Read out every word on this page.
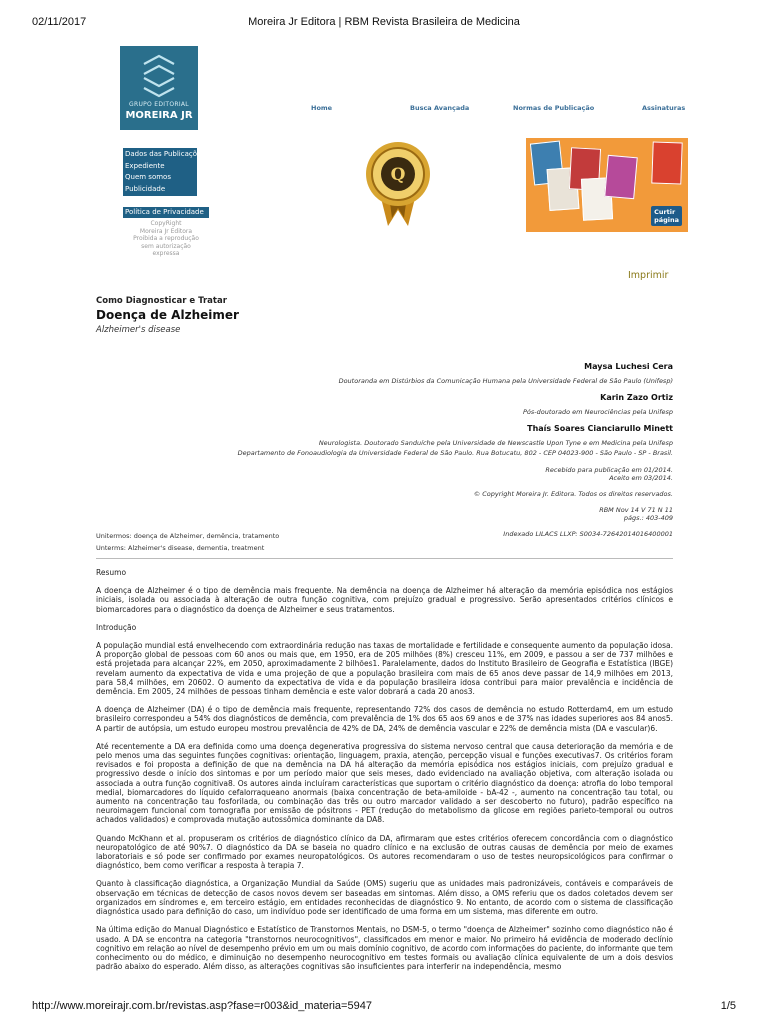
02/11/2017	Moreira Jr Editora | RBM Revista Brasileira de Medicina
GRUPO EDITORIAL
MOREIRA JR
Home	Busca Avançada	Normas de Publicação	Assinaturas
Dados das Publicações
Expediente
Quem somos
Publicidade
Política de Privacidade
CopyRight
Moreira Jr Editora
Proibida a reprodução
sem autorização
expressa
Q
Curtir
página
Imprimir
Como Diagnosticar e Tratar
Doença de Alzheimer
Alzheimer's disease
Maysa Luchesi Cera
Doutoranda em Distúrbios da Comunicação Humana pela Universidade Federal de São Paulo (Unifesp)
Karin Zazo Ortiz
Pós-doutorado em Neurociências pela Unifesp
Thaís Soares Cianciarullo Minett
Neurologista. Doutorado Sanduíche pela Universidade de Newscastle Upon Tyne e em Medicina pela Unifesp
Departamento de Fonoaudiologia da Universidade Federal de São Paulo. Rua Botucatu, 802 - CEP 04023-900 - São Paulo - SP - Brasil.
Recebido para publicação em 01/2014.
Aceito em 03/2014.
© Copyright Moreira Jr. Editora. Todos os direitos reservados.
RBM Nov 14 V 71 N 11
págs.: 403-409
Indexado LILACS LLXP: S0034-72642014016400001
Unitermos: doença de Alzheimer, demência, tratamento
Unterms: Alzheimer's disease, dementia, treatment
Resumo

A doença de Alzheimer é o tipo de demência mais frequente. Na demência na doença de Alzheimer há alteração da memória episódica nos estágios iniciais, isolada ou associada à alteração de outra função cognitiva, com prejuízo gradual e progressivo. Serão apresentados critérios clínicos e biomarcadores para o diagnóstico da doença de Alzheimer e seus tratamentos.

Introdução

A população mundial está envelhecendo com extraordinária redução nas taxas de mortalidade e fertilidade e consequente aumento da população idosa. A proporção global de pessoas com 60 anos ou mais que, em 1950, era de 205 milhões (8%) cresceu 11%, em 2009, e passou a ser de 737 milhões e está projetada para alcançar 22%, em 2050, aproximadamente 2 bilhões1. Paralelamente, dados do Instituto Brasileiro de Geografia e Estatística (IBGE) revelam aumento da expectativa de vida e uma projeção de que a população brasileira com mais de 65 anos deve passar de 14,9 milhões em 2013, para 58,4 milhões, em 20602. O aumento da expectativa de vida e da população brasileira idosa contribui para maior prevalência e incidência de demência. Em 2005, 24 milhões de pessoas tinham demência e este valor dobrará a cada 20 anos3.

A doença de Alzheimer (DA) é o tipo de demência mais frequente, representando 72% dos casos de demência no estudo Rotterdam4, em um estudo brasileiro correspondeu a 54% dos diagnósticos de demência, com prevalência de 1% dos 65 aos 69 anos e de 37% nas idades superiores aos 84 anos5. A partir de autópsia, um estudo europeu mostrou prevalência de 42% de DA, 24% de demência vascular e 22% de demência mista (DA e vascular)6.

Até recentemente a DA era definida como uma doença degenerativa progressiva do sistema nervoso central que causa deterioração da memória e de pelo menos uma das seguintes funções cognitivas: orientação, linguagem, praxia, atenção, percepção visual e funções executivas7. Os critérios foram revisados e foi proposta a definição de que na demência na DA há alteração da memória episódica nos estágios iniciais, com prejuízo gradual e progressivo desde o início dos sintomas e por um período maior que seis meses, dado evidenciado na avaliação objetiva, com alteração isolada ou associada a outra função cognitiva8. Os autores ainda incluíram características que suportam o critério diagnóstico da doença: atrofia do lobo temporal medial, biomarcadores do líquido cefalorraqueano anormais (baixa concentração de beta-amiloide - bA-42 -, aumento na concentração tau total, ou aumento na concentração tau fosforilada, ou combinação das três ou outro marcador validado a ser descoberto no futuro), padrão específico na neuroimagem funcional com tomografia por emissão de pósitrons - PET (redução do metabolismo da glicose em regiões parieto-temporal ou outros achados validados) e comprovada mutação autossômica dominante da DA8.

Quando McKhann et al. propuseram os critérios de diagnóstico clínico da DA, afirmaram que estes critérios oferecem concordância com o diagnóstico neuropatológico de até 90%7. O diagnóstico da DA se baseia no quadro clínico e na exclusão de outras causas de demência por meio de exames laboratoriais e só pode ser confirmado por exames neuropatológicos. Os autores recomendaram o uso de testes neuropsicológicos para confirmar o diagnóstico, bem como verificar a resposta à terapia 7.

Quanto à classificação diagnóstica, a Organização Mundial da Saúde (OMS) sugeriu que as unidades mais padronizáveis, contáveis e comparáveis de observação em técnicas de detecção de casos novos devem ser baseadas em sintomas. Além disso, a OMS referiu que os dados coletados devem ser organizados em síndromes e, em terceiro estágio, em entidades reconhecidas de diagnóstico 9. No entanto, de acordo com o sistema de classificação diagnóstica usado para definição do caso, um indivíduo pode ser identificado de uma forma em um sistema, mas diferente em outro.

Na última edição do Manual Diagnóstico e Estatístico de Transtornos Mentais, no DSM-5, o termo "doença de Alzheimer" sozinho como diagnóstico não é usado. A DA se encontra na categoria "transtornos neurocognitivos", classificados em menor e maior. No primeiro há evidência de moderado declínio cognitivo em relação ao nível de desempenho prévio em um ou mais domínio cognitivo, de acordo com informações do paciente, do informante que tem conhecimento ou do médico, e diminuição no desempenho neurocognitivo em testes formais ou avaliação clínica equivalente de um a dois desvios padrão abaixo do esperado. Além disso, as alterações cognitivas são insuficientes para interferir na independência, mesmo

http://www.moreirajr.com.br/revistas.asp?fase=r003&id_materia=5947	1/5
